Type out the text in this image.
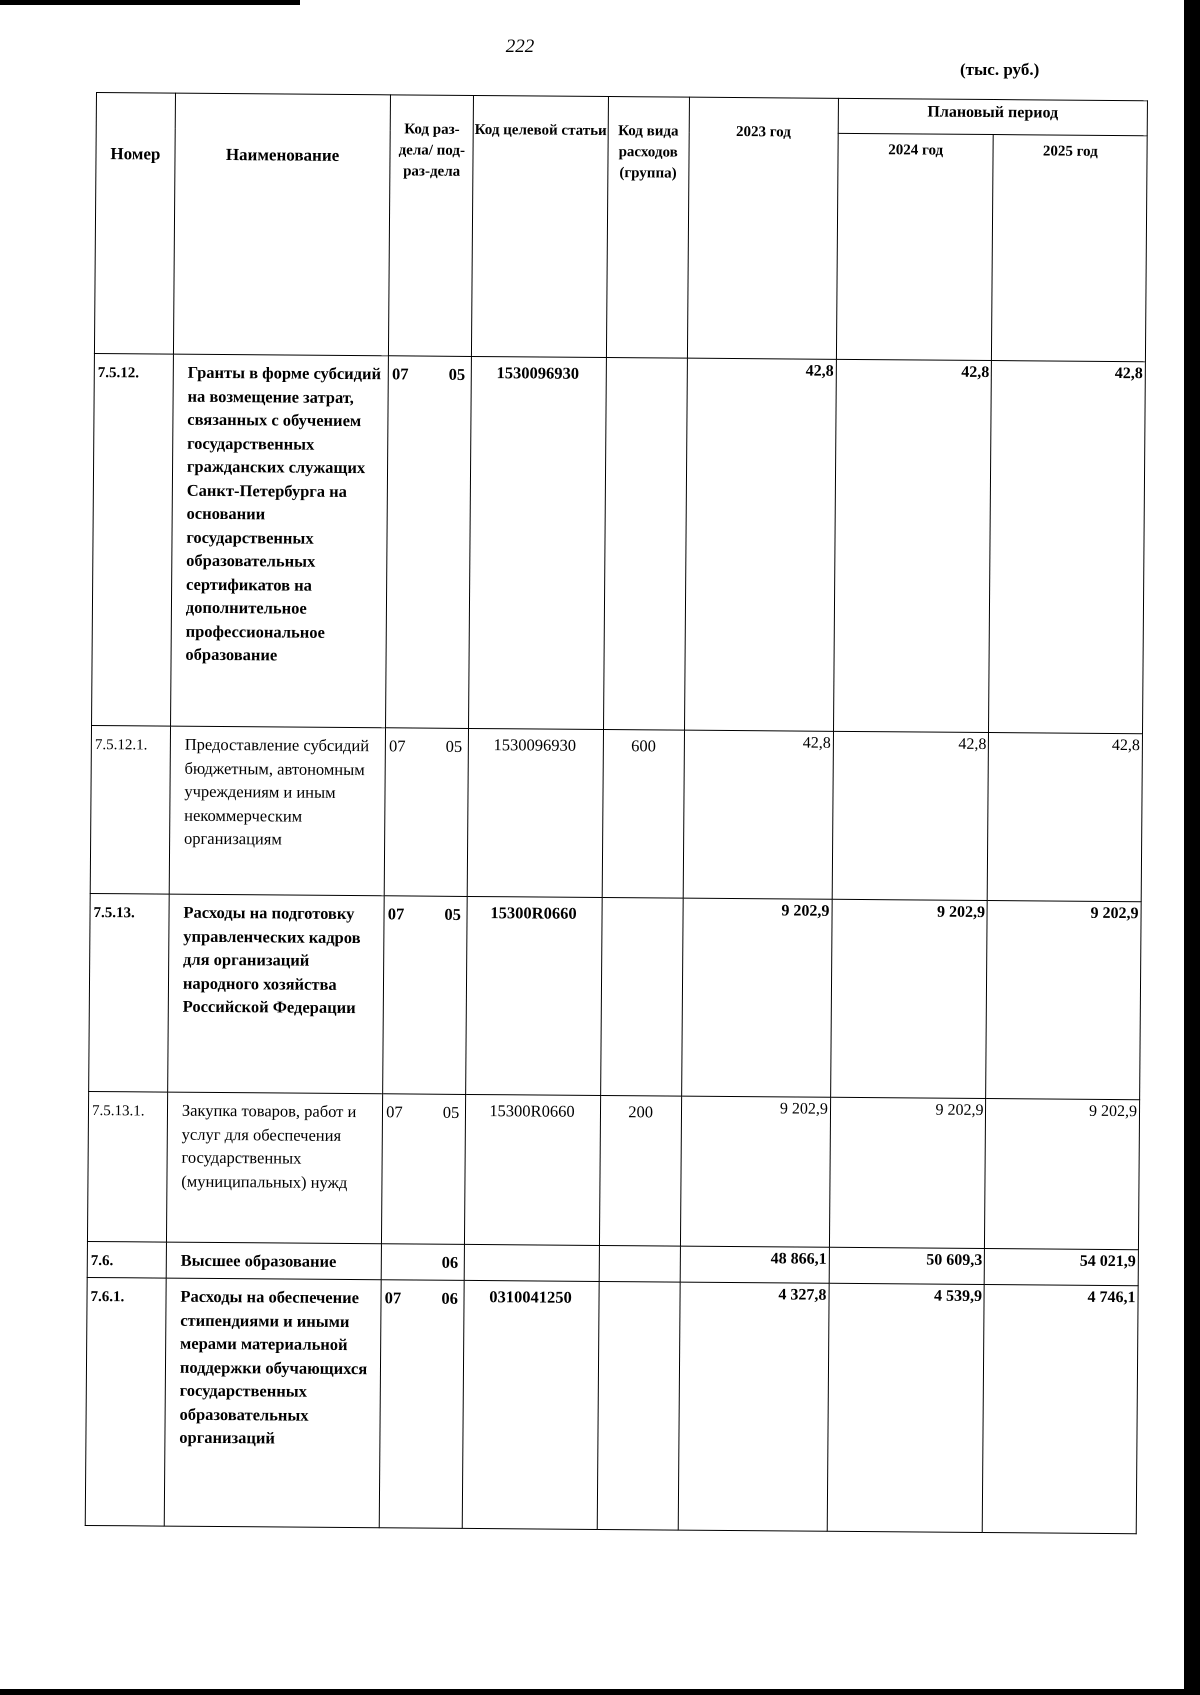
222
(тыс. руб.)
Номер	Наименование	Код раз-дела/ под-раз-дела	Код целевой статьи	Код вида расходов (группа)	2023 год	Плановый период	
						2024 год	2025 год
7.5.12.	Гранты в форме субсидий на возмещение затрат, связанных с обучением государственных гражданских служащих Санкт-Петербурга на основании государственных образовательных сертификатов на дополнительное профессиональное образование	07 05	1530096930		42,8	42,8	42,8
7.5.12.1.	Предоставление субсидий бюджетным, автономным учреждениям и иным некоммерческим организациям	07 05	1530096930	600	42,8	42,8	42,8
7.5.13.	Расходы на подготовку управленческих кадров для организаций народного хозяйства Российской Федерации	07 05	15300R0660		9 202,9	9 202,9	9 202,9
7.5.13.1.	Закупка товаров, работ и услуг для обеспечения государственных (муниципальных) нужд	07 05	15300R0660	200	9 202,9	9 202,9	9 202,9
7.6.	Высшее образование	06			48 866,1	50 609,3	54 021,9
7.6.1.	Расходы на обеспечение стипендиями и иными мерами материальной поддержки обучающихся государственных образовательных организаций	07 06	0310041250		4 327,8	4 539,9	4 746,1
